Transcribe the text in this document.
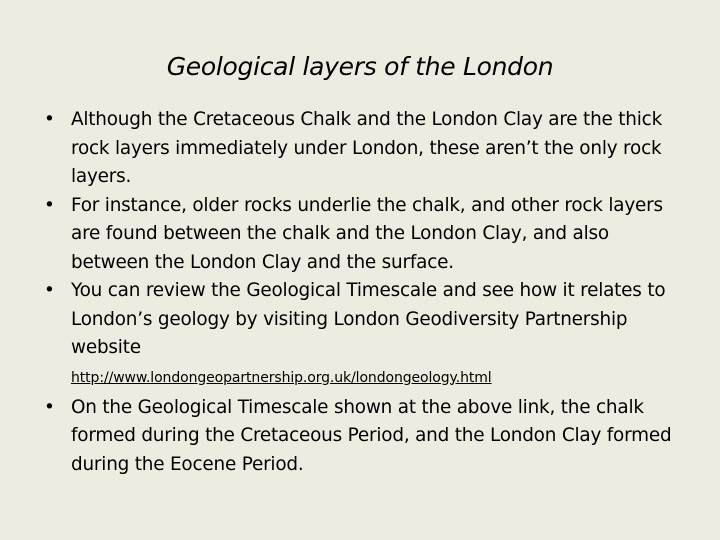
Geological layers of the London
• Although the Cretaceous Chalk and the London Clay are the thick rock layers immediately under London, these aren’t the only rock layers.
• For instance, older rocks underlie the chalk, and other rock layers are found between the chalk and the London Clay, and also between the London Clay and the surface.
• You can review the Geological Timescale and see how it relates to London’s geology by visiting London Geodiversity Partnership website
http://www.londongeopartnership.org.uk/londongeology.html
• On the Geological Timescale shown at the above link, the chalk formed during the Cretaceous Period, and the London Clay formed during the Eocene Period.
